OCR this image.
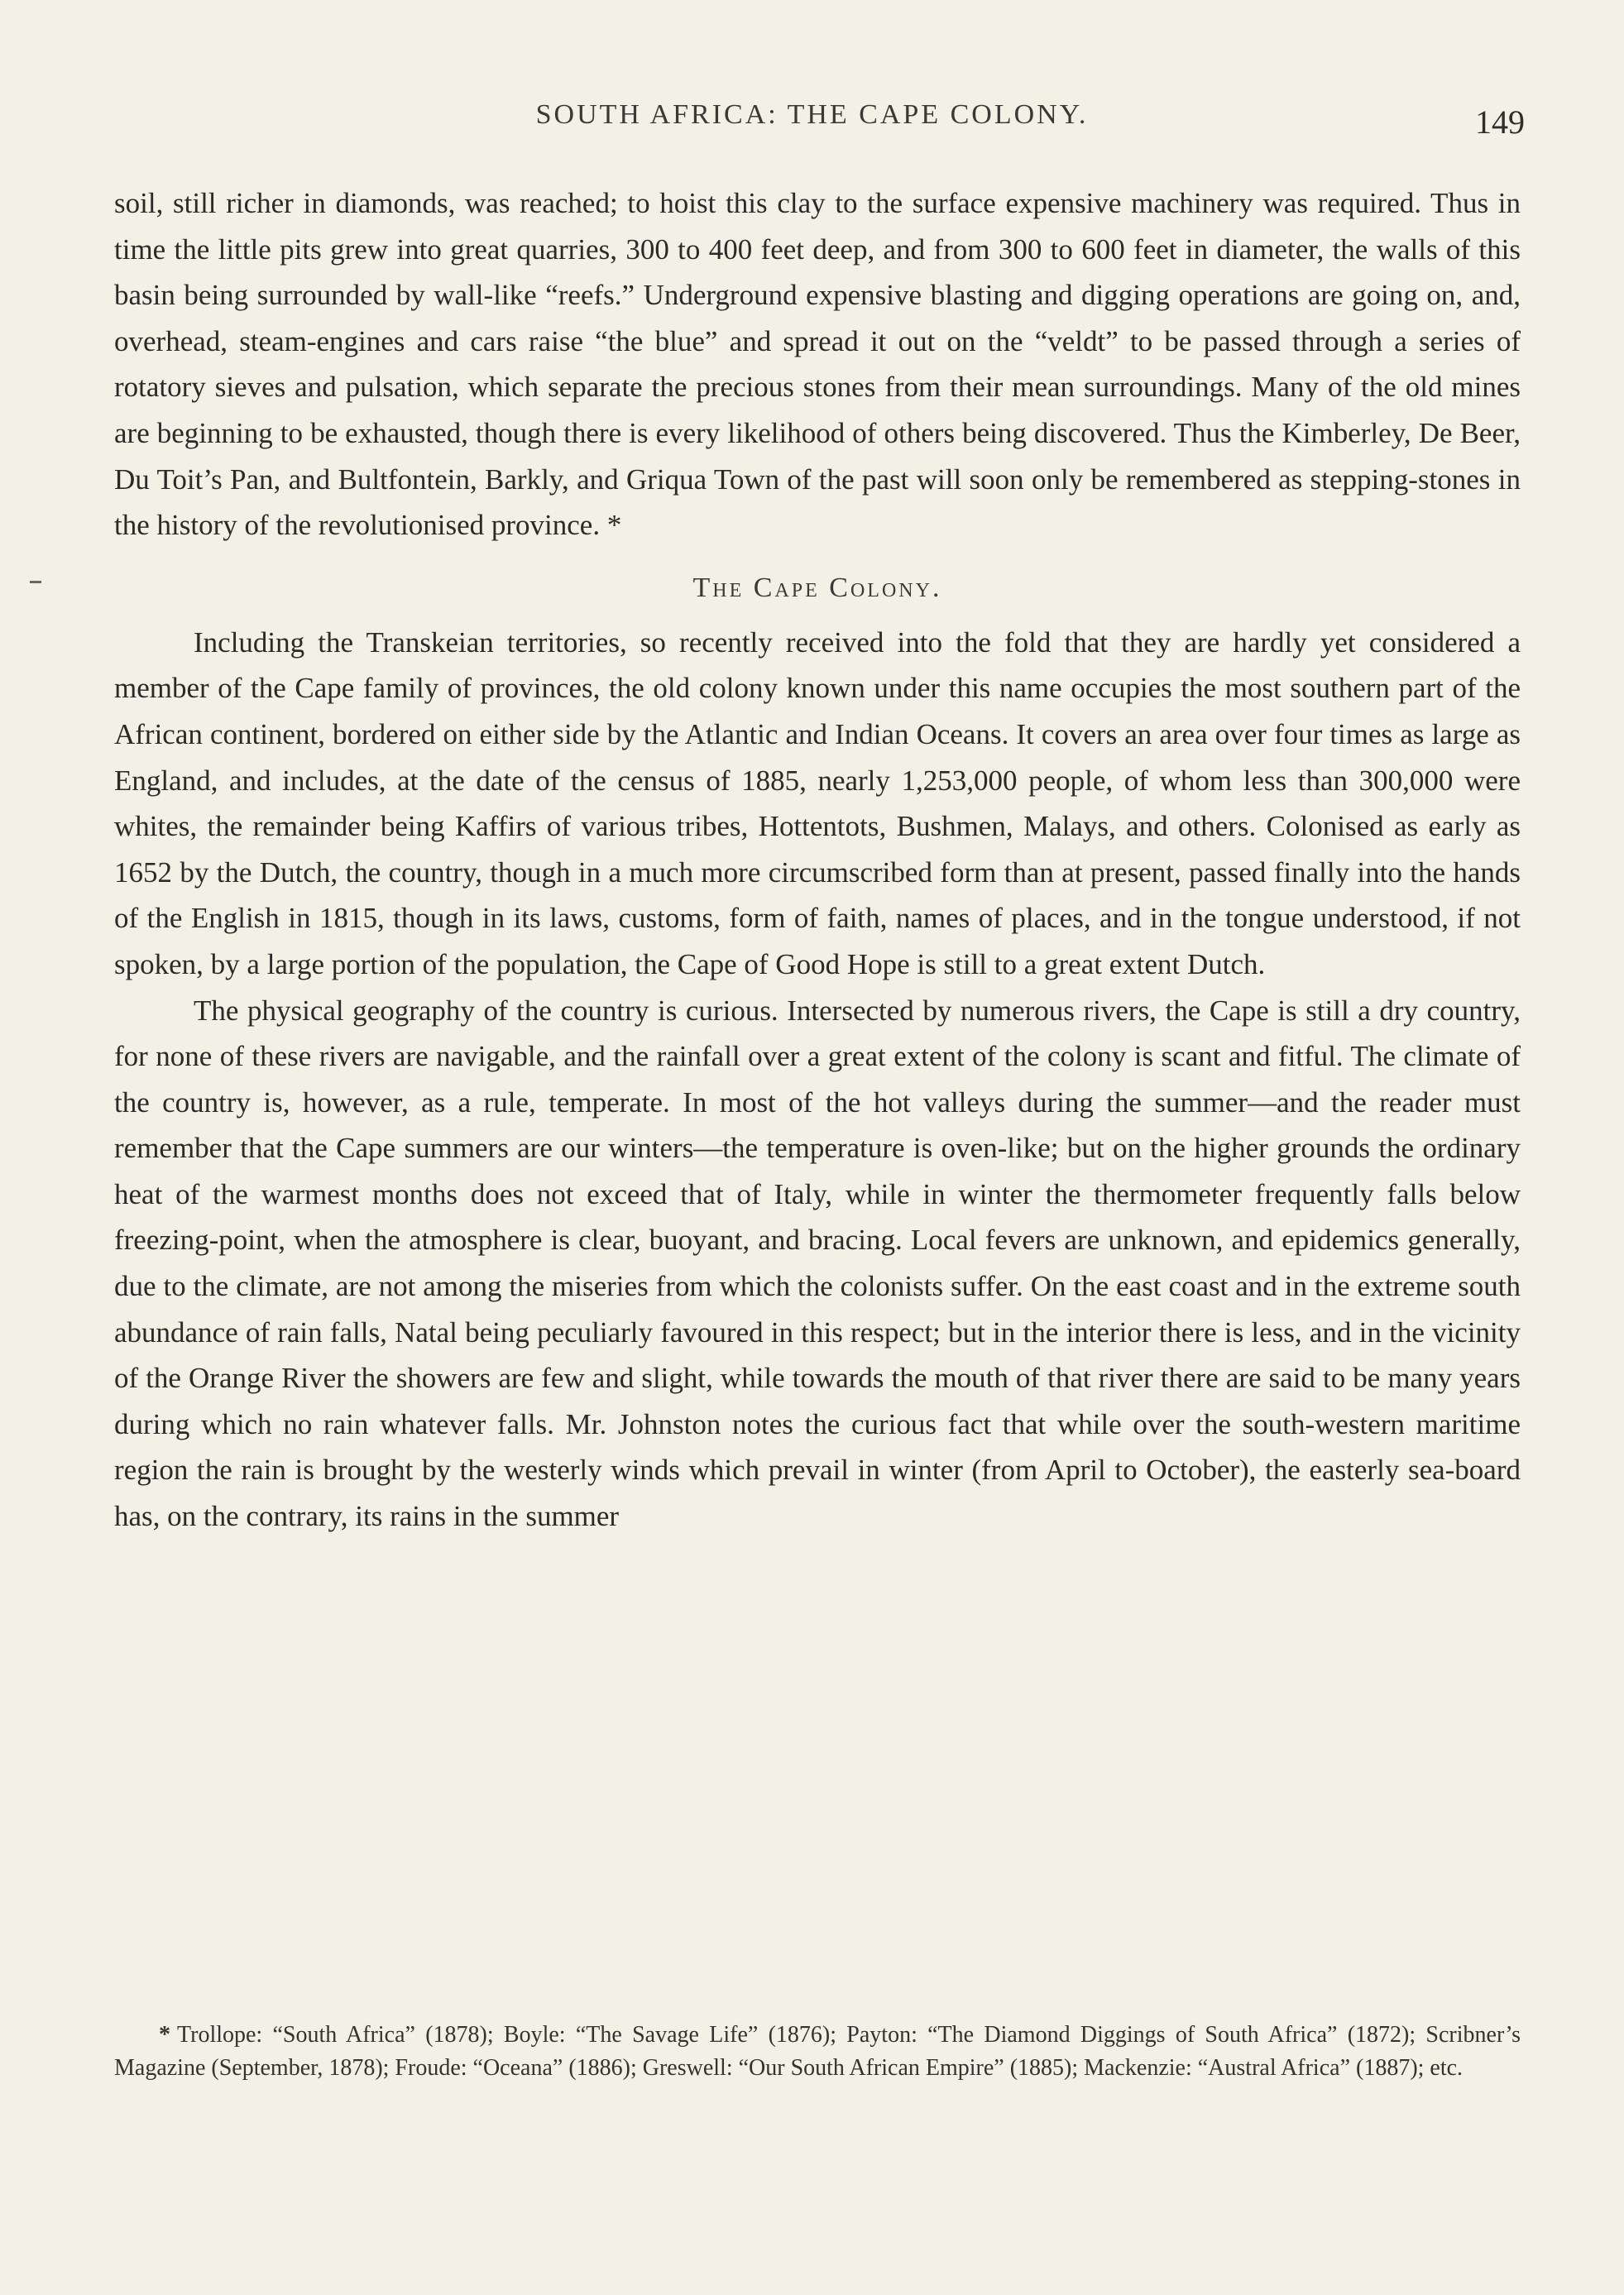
SOUTH AFRICA: THE CAPE COLONY.	149

soil, still richer in diamonds, was reached; to hoist this clay to the surface expensive machinery was required. Thus in time the little pits grew into great quarries, 300 to 400 feet deep, and from 300 to 600 feet in diameter, the walls of this basin being surrounded by wall-like “reefs.” Underground expensive blasting and digging operations are going on, and, overhead, steam-engines and cars raise “the blue” and spread it out on the “veldt” to be passed through a series of rotatory sieves and pulsation, which separate the precious stones from their mean surroundings. Many of the old mines are beginning to be exhausted, though there is every likelihood of others being discovered. Thus the Kimberley, De Beer, Du Toit’s Pan, and Bultfontein, Barkly, and Griqua Town of the past will soon only be remembered as stepping-stones in the history of the revolutionised province. *

The Cape Colony.

Including the Transkeian territories, so recently received into the fold that they are hardly yet considered a member of the Cape family of provinces, the old colony known under this name occupies the most southern part of the African continent, bordered on either side by the Atlantic and Indian Oceans. It covers an area over four times as large as England, and includes, at the date of the census of 1885, nearly 1,253,000 people, of whom less than 300,000 were whites, the remainder being Kaffirs of various tribes, Hottentots, Bushmen, Malays, and others. Colonised as early as 1652 by the Dutch, the country, though in a much more circumscribed form than at present, passed finally into the hands of the English in 1815, though in its laws, customs, form of faith, names of places, and in the tongue understood, if not spoken, by a large portion of the population, the Cape of Good Hope is still to a great extent Dutch.

The physical geography of the country is curious. Intersected by numerous rivers, the Cape is still a dry country, for none of these rivers are navigable, and the rainfall over a great extent of the colony is scant and fitful. The climate of the country is, however, as a rule, temperate. In most of the hot valleys during the summer—and the reader must remember that the Cape summers are our winters—the temperature is oven-like; but on the higher grounds the ordinary heat of the warmest months does not exceed that of Italy, while in winter the thermometer frequently falls below freezing-point, when the atmosphere is clear, buoyant, and bracing. Local fevers are unknown, and epidemics generally, due to the climate, are not among the miseries from which the colonists suffer. On the east coast and in the extreme south abundance of rain falls, Natal being peculiarly favoured in this respect; but in the interior there is less, and in the vicinity of the Orange River the showers are few and slight, while towards the mouth of that river there are said to be many years during which no rain whatever falls. Mr. Johnston notes the curious fact that while over the south-western maritime region the rain is brought by the westerly winds which prevail in winter (from April to October), the easterly sea-board has, on the contrary, its rains in the summer

* Trollope: “South Africa” (1878); Boyle: “The Savage Life” (1876); Payton: “The Diamond Diggings of South Africa” (1872); Scribner’s Magazine (September, 1878); Froude: “Oceana” (1886); Greswell: “Our South African Empire” (1885); Mackenzie: “Austral Africa” (1887); etc.
